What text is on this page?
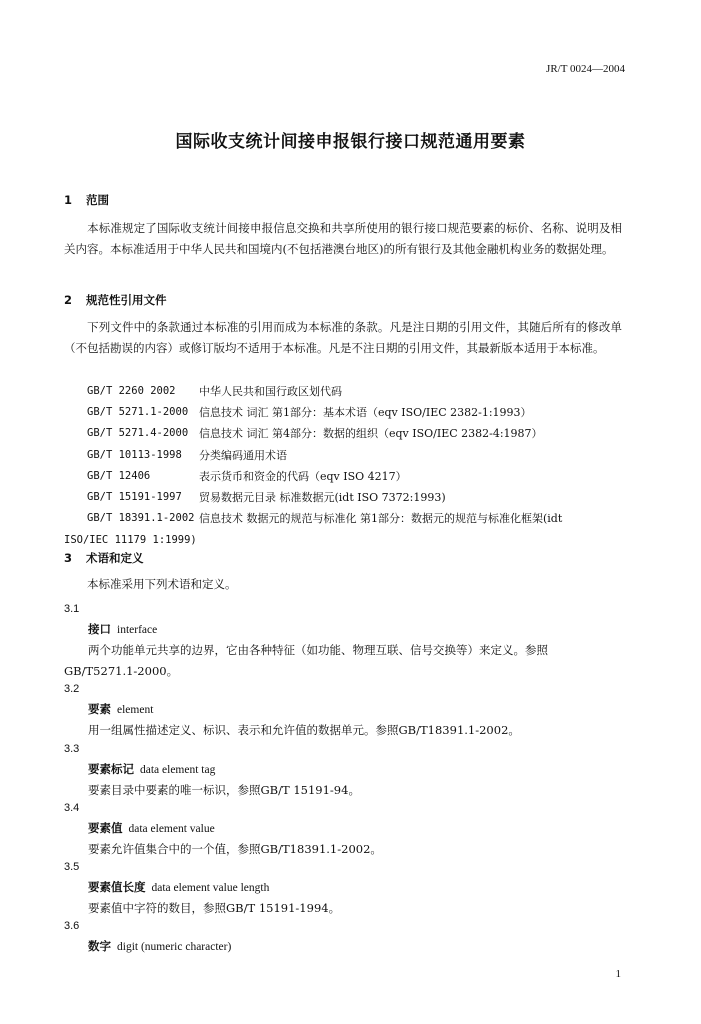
JR/T 0024—2004
国际收支统计间接申报银行接口规范通用要素
1 范围
本标准规定了国际收支统计间接申报信息交换和共享所使用的银行接口规范要素的标价、名称、说明及相关内容。本标准适用于中华人民共和国境内(不包括港澳台地区)的所有银行及其他金融机构业务的数据处理。
2 规范性引用文件
下列文件中的条款通过本标准的引用而成为本标准的条款。凡是注日期的引用文件，其随后所有的修改单（不包括勘误的内容）或修订版均不适用于本标准。凡是不注日期的引用文件，其最新版本适用于本标准。
GB/T 2260 2002	中华人民共和国行政区划代码
GB/T 5271.1-2000 信息技术 词汇 第1部分：基本术语（eqv ISO/IEC 2382-1:1993）
GB/T 5271.4-2000 信息技术 词汇 第4部分：数据的组织（eqv ISO/IEC 2382-4:1987）
GB/T 10113-1998	分类编码通用术语
GB/T 12406	表示货币和资金的代码（eqv ISO 4217）
GB/T 15191-1997	贸易数据元目录 标准数据元(idt ISO 7372:1993)
GB/T 18391.1-2002 信息技术 数据元的规范与标准化 第1部分：数据元的规范与标准化框架(idt
ISO/IEC 11179 1:1999)
3 术语和定义
本标准采用下列术语和定义。
3.1
接口 interface
两个功能单元共享的边界，它由各种特征（如功能、物理互联、信号交换等）来定义。参照
GB/T5271.1-2000。
3.2
要素 element
用一组属性描述定义、标识、表示和允许值的数据单元。参照GB/T18391.1-2002。
3.3
要素标记 data element tag
要素目录中要素的唯一标识，参照GB/T 15191-94。
3.4
要素值 data element value
要素允许值集合中的一个值，参照GB/T18391.1-2002。
3.5
要素值长度 data element value length
要素值中字符的数目，参照GB/T 15191-1994。
3.6
数字 digit (numeric character)
1
